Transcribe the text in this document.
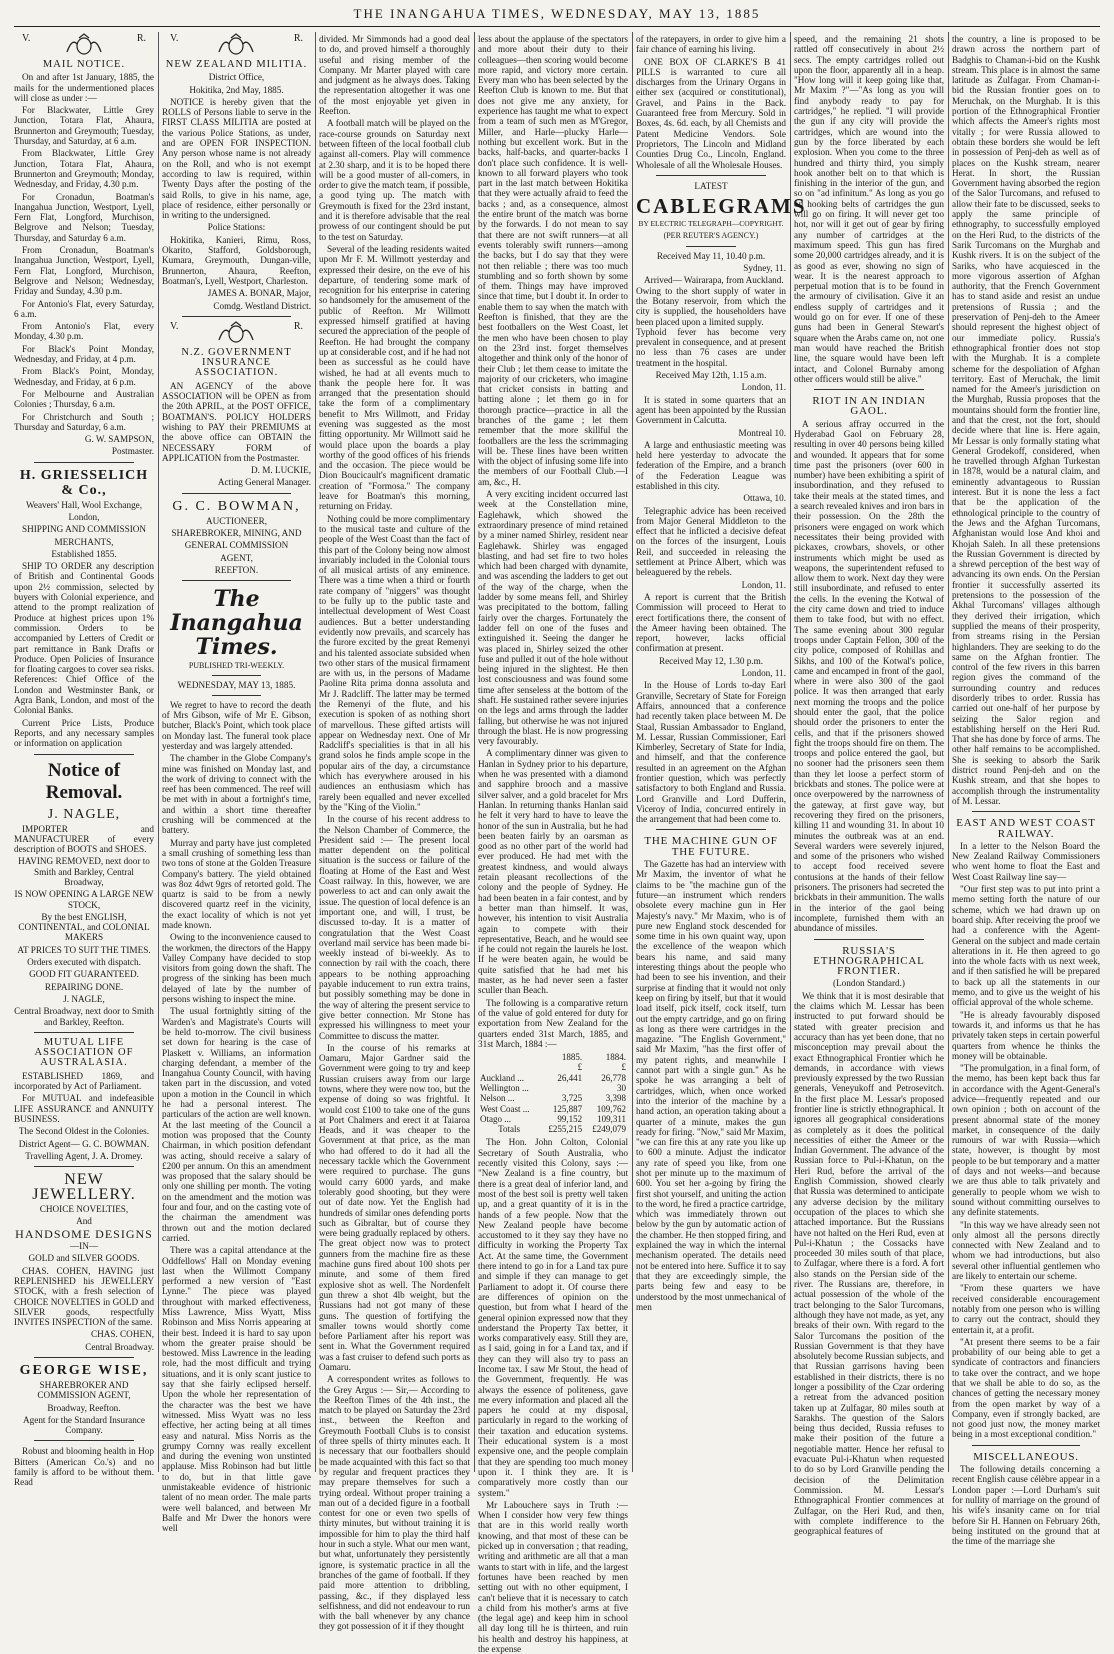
THE INANGAHUA TIMES, WEDNESDAY, MAY 13, 1885
V.	R.
MAIL NOTICE.

On and after 1st January, 1885, the mails for the undermentioned places will close as under :—

For Blackwater, Little Grey Junction, Totara Flat, Ahaura, Brunnerton and Greymouth; Tuesday, Thursday, and Saturday, at 6 a.m.

From Blackwater, Little Grey Junction, Totara Flat, Ahaura, Brunnerton and Greymouth; Monday, Wednesday, and Friday, 4.30 p.m.

For Cronadun, Boatman's Inangahua Junction, Westport, Lyell, Fern Flat, Longford, Murchison, Belgrove and Nelson; Tuesday, Thursday, and Saturday 6 a.m.

From Cronadun, Boatman's Inangahua Junction, Westport, Lyell, Fern Flat, Longford, Murchison, Belgrove and Nelson; Wednesday, Friday and Sunday, 4.30 p.m.

For Antonio's Flat, every Saturday, 6 a.m.

From Antonio's Flat, every Monday, 4.30 p.m.

For Black's Point Monday, Wednesday, and Friday, at 4 p.m.

From Black's Point, Monday, Wednesday, and Friday, at 6 p.m.

For Melbourne and Australian Colonies ; Thursday, 6 a.m.

For Christchurch and South ; Thursday and Saturday, 6 a.m.

G. W. SAMPSON,

Postmaster.

H. GRIESSELICH & Co.,

Weavers' Hall, Wool Exchange,

London,

SHIPPING AND COMMISSION

MERCHANTS,

Established 1855.

SHIP TO ORDER any description of British and Continental Goods upon 2½ commission, selected by buyers with Colonial experience, and attend to the prompt realization of Produce at highest prices upon 1% commission. Orders to be accompanied by Letters of Credit or part remittance in Bank Drafts or Produce. Open Policies of Insurance for floating cargoes to cover sea risks. References: Chief Office of the London and Westminster Bank, or Agra Bank, London, and most of the Colonial Banks.

Current Price Lists, Produce Reports, and any necessary samples or information on application

Notice of Removal.
J. NAGLE,

IMPORTER and MANUFACTURER of every description of BOOTS and SHOES.

HAVING REMOVED, next door to Smith and Barkley, Central Broadway,

IS NOW OPENING A LARGE NEW STOCK,

By the best ENGLISH, CONTINENTAL, and COLONIAL MAKERS

AT PRICES TO SUIT THE TIMES.

Orders executed with dispatch.

GOOD FIT GUARANTEED.

REPAIRING DONE.

J. NAGLE,

Central Broadway, next door to Smith and Barkley, Reefton.

MUTUAL LIFE ASSOCIATION OF AUSTRALASIA.

ESTABLISHED 1869, and incorporated by Act of Parliament.

For MUTUAL and indefeasible LIFE ASSURANCE and ANNUITY BUSINESS.

The Second Oldest in the Colonies.

District Agent— G. C. BOWMAN.

Travelling Agent, J. A. Dromey.

NEW JEWELLERY.

CHOICE NOVELTIES,

And

HANDSOME DESIGNS

—IN—

GOLD and SILVER GOODS.

CHAS. COHEN, HAVING just REPLENISHED his JEWELLERY STOCK, with a fresh selection of CHOICE NOVELTIES in GOLD and SILVER goods, respectfully INVITES INSPECTION of the same.

CHAS. COHEN,

Central Broadway.

GEORGE WISE,

SHAREBROKER AND COMMISSION AGENT,

Broadway, Reefton.

Agent for the Standard Insurance Company.

Robust and blooming health in Hop Bitters (American Co.'s) and no family is afford to be without them. Read

V.	R.
NEW ZEALAND MILITIA.

District Office,

Hokitika, 2nd May, 1885.

NOTICE is hereby given that the ROLLS of Persons liable to serve in the FIRST CLASS MILITIA are posted at the various Police Stations, as under, and are OPEN FOR INSPECTION. Any person whose name is not already on the Roll, and who is not exempt according to law is required, within Twenty Days after the posting of the said Rolls, to give in his name, age, place of residence, either personally or in writing to the undersigned.

Police Stations:

Hokitika, Kanieri, Rimu, Ross, Okarito, Stafford, Goldsborough, Kumara, Greymouth, Dungan-ville, Brunnerton, Ahaura, Reefton, Boatman's, Lyell, Westport, Charleston.

JAMES A. BONAR, Major,

Comdg. Westland District.

V.	R.
N.Z. GOVERNMENT INSURANCE ASSOCIATION.

AN AGENCY of the above ASSOCIATION will be OPEN as from the 20th APRIL, at the POST OFFICE, BOATMAN'S. POLICY HOLDERS wishing to PAY their PREMIUMS at the above office can OBTAIN the NECESSARY FORM of APPLICATION from the Postmaster.

D. M. LUCKIE,

Acting General Manager.

G. C. BOWMAN,

AUCTIONEER,

SHAREBROKER, MINING, AND

GENERAL COMMISSION

AGENT,

REEFTON.

The Inangahua Times.

PUBLISHED TRI-WEEKLY.

WEDNESDAY, MAY 13, 1885.

We regret to have to record the death of Mrs Gibson, wife of Mr E. Gibson, butcher, Black's Point, which took place on Monday last. The funeral took place yesterday and was largely attended.

The chamber in the Globe Company's mine was finished on Monday last, and the work of driving to connect with the reef has been commenced. The reef will be met with in about a fortnight's time, and within a short time thereafter crushing will be commenced at the battery.

Murray and party have just completed a small crushing of something less than two tons of stone at the Golden Treasure Company's battery. The yield obtained was 8oz 4dwt 9grs of retorted gold. The quartz is said to be from a newly discovered quartz reef in the vicinity, the exact locality of which is not yet made known.

Owing to the inconvenience caused to the workmen, the directors of the Happy Valley Company have decided to stop visitors from going down the shaft. The progress of the sinking has been much delayed of late by the number of persons wishing to inspect the mine.

The usual fortnightly sitting of the Warden's and Magistrate's Courts will be held to-morrow. The civil business set down for hearing is the case of Plaskett v. Williams, an information charging defendant, a member of the Inangahua County Council, with having taken part in the discussion, and voted upon a motion in the Council in which he had a personal interest. The particulars of the action are well known. At the last meeting of the Council a motion was proposed that the County Chairman, in which position defendant was acting, should receive a salary of £200 per annum. On this an amendment was proposed that the salary should be only one shilling per month. The voting on the amendment and the motion was four and four, and on the casting vote of the chairman the amendment was thrown out and the motion declared carried.

There was a capital attendance at the Oddfellows' Hall on Monday evening last when the Willmott Company performed a new version of "East Lynne." The piece was played throughout with marked effectiveness, Miss Lawrence, Miss Wyatt, Miss Robinson and Miss Norris appearing at their best. Indeed it is hard to say upon whom the greater praise should be bestowed. Miss Lawrence in the leading role, had the most difficult and trying situations, and it is only scant justice to say that she fairly eclipsed herself. Upon the whole her representation of the character was the best we have witnessed. Miss Wyatt was no less effective, her acting being at all times easy and natural. Miss Norris as the grumpy Cornny was really excellent and during the evening won unstinted applause. Miss Robinson had but little to do, but in that little gave unmistakeable evidence of histrionic talent of no mean order. The male parts were well balanced, and between Mr Balfe and Mr Dwer the honors were well

divided. Mr Simmonds had a good deal to do, and proved himself a thoroughly useful and rising member of the Company. Mr Marter played with care and judgment as he always does. Taking the representation altogether it was one of the most enjoyable yet given in Reefton.

A football match will be played on the race-course grounds on Saturday next between fifteen of the local football club against all-comers. Play will commence at 2.30 sharp, and it is to be hoped there will be a good muster of all-comers, in order to give the match team, if possible, a good tying up. The match with Greymouth is fixed for the 23rd instant, and it is therefore advisable that the real prowess of our contingent should be put to the test on Saturday.

Several of the leading residents waited upon Mr F. M. Willmott yesterday and expressed their desire, on the eve of his departure, of tendering some mark of recognition for his enterprise in catering so handsomely for the amusement of the public of Reefton. Mr Willmott expressed himself gratified at having secured the appreciation of the people of Reefton. He had brought the company up at considerable cost, and if he had not been as successful as he could have wished, he had at all events much to thank the people here for. It was arranged that the presentation should take the form of a complimentary benefit to Mrs Willmott, and Friday evening was suggested as the most fitting opportunity. Mr Willmott said he would place upon the boards a play worthy of the good offices of his friends and the occasion. The piece would be Dion Boucicault's magnificent dramatic creation of "Formosa." The company leave for Boatman's this morning, returning on Friday.

Nothing could be more complimentary to the musical taste and culture of the people of the West Coast than the fact of this part of the Colony being now almost invariably included in the Colonial tours of all musical artists of any eminence. There was a time when a third or fourth rate company of "niggers" was thought to be fully up to the public taste and intellectual development of West Coast audiences. But a better understanding evidently now prevails, and scarcely has the furore excited by the great Remenyi and his talented associate subsided when two other stars of the musical firmament are with us, in the persons of Madame Paoline Rita prima donna assoluta and Mr J. Radcliff. The latter may be termed the Remenyi of the flute, and his execution is spoken of as nothing short of marvellous. These gifted artists will appear on Wednesday next. One of Mr Radcliff's specialities is that in all his grand solos he finds ample scope in the popular airs of the day, a circumstance which has everywhere aroused in his audiences an enthusiasm which has rarely been equalled and never excelled by the "King of the Violin."

In the course of his recent address to the Nelson Chamber of Commerce, the President said :— The present local matter dependent on the political situation is the success or failure of the floating at Home of the East and West Coast railway. In this, however, we are powerless to act and can only await the issue. The question of local defence is an important one, and will, I trust, be discussed to-day. It is a matter of congratulation that the West Coast overland mail service has been made bi-weekly instead of bi-weekly. As to connection by rail with the coach, there appears to be nothing approaching payable inducement to run extra trains, but possibly something may be done in the way of altering the present service to give better connection. Mr Stone has expressed his willingness to meet your Committee to discuss the matter.

In the course of his remarks at Oamaru, Major Gardner said the Government were going to try and keep Russian cruisers away from our large towns, where they were now too, but the expense of doing so was frightful. It would cost £100 to take one of the guns at Port Chalmers and erect it at Taiaroa Heads, and it was cheaper to the Government at that price, as the man who had offered to do it had all the necessary tackle which the Government were required to purchase. The guns would carry 6000 yards, and make tolerably good shooting, but they were out of date now. Yet the English had hundreds of similar ones defending ports such as Gibraltar, but of course they were being gradually replaced by others. The great object now was to protect gunners from the machine fire as these machine guns fired about 100 shots per minute, and some of them fired explosive shot as well. The Nordenfelt gun threw a shot 4lb weight, but the Russians had not got many of these guns. The question of fortifying the smaller towns would shortly come before Parliament after his report was sent in. What the Government required was a fast cruiser to defend such ports as Oamaru.

A correspondent writes as follows to the Grey Argus :— Sir,— According to the Reefton Times of the 4th inst., the match to be played on Saturday the 23rd inst., between the Reefton and Greymouth Football Clubs is to consist of three spells of thirty minutes each. It is necessary that our footballers should be made acquainted with this fact so that by regular and frequent practices they may prepare themselves for such a trying ordeal. Without proper training a man out of a decided figure in a football contest for one or even two spells of thirty minutes, but without training it is impossible for him to play the third half hour in such a style. What our men want, but what, unfortunately they persistently ignore, is systematic practice in all the branches of the game of football. If they paid more attention to dribbling, passing, &c., if they displayed less selfishness, and did not endeavour to run with the ball whenever by any chance they got possession of it if they thought

less about the applause of the spectators and more about their duty to their colleagues—then scoring would become more rapid, and victory more certain. Every man who has been selected by the Reefton Club is known to me. But that does not give me any anxiety, for experience has taught me what to expect from a team of such men as M'Gregor, Miller, and Harle—plucky Harle—nothing but excellent work. But in the backs, half-backs, and quarter-backs I don't place such confidence. It is well-known to all forward players who took part in the last match between Hokitika that they were actually afraid to feed the backs ; and, as a consequence, almost the entire brunt of the match was borne by the forwards. I do not mean to say that there are not swift runners—at all events tolerably swift runners—among the backs, but I do say that they were not then reliable ; there was too much stumbling and so forth shown by some of them. Things may have improved since that time, but I doubt it. In order to enable them to say when the match with Reefton is finished, that they are the best footballers on the West Coast, let the men who have been chosen to play on the 23rd inst. forget themselves altogether and think only of the honor of their Club ; let them cease to imitate the majority of our cricketers, who imagine that cricket consists in batting and batting alone ; let them go in for thorough practice—practice in all the branches of the game ; let them remember that the more skillful the footballers are the less the scrimmaging will be. These lines have been written with the object of infusing some life into the members of our Football Club.—I am, &c., H.

A very exciting incident occurred last week at the Constellation mine, Eaglehawk, which showed the extraordinary presence of mind retained by a miner named Shirley, resident near Eaglehawk. Shirley was engaged blasting, and had set fire to two holes which had been charged with dynamite, and was ascending the ladders to get out of the way of the charge, when the ladder by some means fell, and Shirley was precipitated to the bottom, falling fairly over the charges. Fortunately the ladder fell on one of the fuses and extinguished it. Seeing the danger he was placed in, Shirley seized the other fuse and pulled it out of the hole without being injured in the slightest. He then lost consciousness and was found some time after senseless at the bottom of the shaft. He sustained rather severe injuries on the legs and arms through the ladder falling, but otherwise he was not injured through the blast. He is now progressing very favourably.

A complimentary dinner was given to Hanlan in Sydney prior to his departure, when he was presented with a diamond and sapphire brooch and a massive silver salver, and a gold bracelet for Mrs Hanlan. In returning thanks Hanlan said he felt it very hard to have to leave the honor of the sun in Australia, but he had been beaten fairly by an oarsman as good as no other part of the world had ever produced. He had met with the greatest kindness, and would always retain pleasant recollections of the colony and the people of Sydney. He had been beaten in a fair contest, and by a better man than himself. It was, however, his intention to visit Australia again to compete with their representative, Beach, and he would see if he could not regain the laurels he lost. If he were beaten again, he would be quite satisfied that he had met his master, as he had never seen a faster sculler than Beach.

The following is a comparative return of the value of gold entered for duty for exportation from New Zealand for the quarters ended 31st March, 1885, and 31st March, 1884 :—

	1885.	1884.
	£	£
Auckland ...	26,441	26,778
Wellington ...		30
Nelson ...	3,725	3,398
West Coast ...	125,887	109,762
Otago ...	99,152	109,311
Totals	£255,215	£249,079

The Hon. John Colton, Colonial Secretary of South Australia, who recently visited this Colony, says :— "New Zealand is a fine country, but there is a great deal of inferior land, and most of the best soil is pretty well taken up, and a great quantity of it is in the hands of a few people. Now that the New Zealand people have become accustomed to it they say they have no difficulty in working the Property Tax Act. At the same time, the Government there intend to go in for a Land tax pure and simple if they can manage to get Parliament to adopt it. Of course there are differences of opinion on the question, but from what I heard of the general opinion expressed now that they understand the Property Tax better, it works comparatively easy. Still they are, as I said, going in for a Land tax, and if they can they will also try to pass an Income tax. I saw Mr Stout, the head of the Government, frequently. He was always the essence of politeness, gave me every information and placed all the papers he could at my disposal, particularly in regard to the working of their taxation and education systems. Their educational system is a most expensive one, and the people complain that they are spending too much money upon it. I think they are. It is comparatively more costly than our system."

Mr Labouchere says in Truth :— When I consider how very few things that are in this world really worth knowing, and that most of these can be picked up in conversation ; that reading, writing and arithmetic are all that a man wants to start with in life, and the largest fortunes have been reached by men setting out with no other equipment, I can't believe that it is necessary to catch a child from his mother's arms at five (the legal age) and keep him in school all day long till he is thirteen, and ruin his health and destroy his happiness, at the expense

of the ratepayers, in order to give him a fair chance of earning his living.

ONE BOX OF CLARKE'S B 41 PILLS is warranted to cure all discharges from the Urinary Organs in either sex (acquired or constitutional), Gravel, and Pains in the Back. Guaranteed free from Mercury. Sold in Boxes, 4s. 6d. each, by all Chemists and Patent Medicine Vendors. Sole Proprietors, The Lincoln and Midland Counties Drug Co., Lincoln, England. Wholesale of all the Wholesale Houses.

LATEST

CABLEGRAMS

BY ELECTRIC TELEGRAPH—COPYRIGHT.

(PER REUTER'S AGENCY.)

Received May 11, 10.40 p.m.

Sydney, 11.

Arrived— Wairarapa, from Auckland.
Owing to the short supply of water in the Botany reservoir, from which the city is supplied, the householders have been placed upon a limited supply.
Typhoid fever has become very prevalent in consequence, and at present no less than 76 cases are under treatment in the hospital.

Received May 12th, 1.15 a.m.

London, 11.

It is stated in some quarters that an agent has been appointed by the Russian Government in Calcutta.

Montreal 10.

A large and enthusiastic meeting was held here yesterday to advocate the federation of the Empire, and a branch of the Federation League was established in this city.

Ottawa, 10.

Telegraphic advice has been received from Major General Middleton to the effect that he inflicted a decisive defeat on the forces of the insurgent, Louis Reil, and succeeded in releasing the settlement at Prince Albert, which was beleaguered by the rebels.

London, 11.

A report is current that the British Commission will proceed to Herat to erect fortifications there, the consent of the Ameer having been obtained. The report, however, lacks official confirmation at present.

Received May 12, 1.30 p.m.

London, 11.

In the House of Lords to-day Earl Granville, Secretary of State for Foreign Affairs, announced that a conference had recently taken place between M. De Staal, Russian Ambassador to England, M. Lessar, Russian Commissioner, Earl Kimberley, Secretary of State for India, and himself, and that the conference resulted in an agreement on the Afghan frontier question, which was perfectly satisfactory to both England and Russia. Lord Granville and Lord Dufferin, Viceroy of India, concurred entirely in the arrangement that had been come to.

THE MACHINE GUN OF THE FUTURE.

The Gazette has had an interview with Mr Maxim, the inventor of what he claims to be "the machine gun of the future—an instrument which renders obsolete every machine gun in Her Majesty's navy." Mr Maxim, who is of pure new England stock descended for some time in his own quaint way, upon the excellence of the weapon which bears his name, and said many interesting things about the people who had been to see his invention, and their surprise at finding that it would not only keep on firing by itself, but that it would load itself, pick itself, cock itself, turn out the empty cartridge, and go on firing as long as there were cartridges in the magazine. "The English Government," said Mr Maxim, "has the first offer of my patent rights, and meanwhile I cannot part with a single gun." As he spoke he was arranging a belt of cartridges, which, when once worked into the interior of the machine by a hand action, an operation taking about a quarter of a minute, makes the gun ready for firing. "Now," said Mr Maxim, "we can fire this at any rate you like up to 600 a minute. Adjust the indicator any rate of speed you like, from one shot per minute up to the maximum of 600. You set her a-going by firing the first shot yourself, and uniting the action to the word, he fired a practice cartridge, which was immediately thrown out below by the gun by automatic action of the chamber. He then stopped firing, and explained the way in which the internal mechanism operated. The details need not be entered into here. Suffice it to say that they are exceedingly simple, the parts being few and easy to be understood by the most unmechanical of men

speed, and the remaining 21 shots rattled off consecutively in about 2½ secs. The empty cartridges rolled out upon the floor, apparently all in a heap. "How long will it keep going like that, Mr Maxim ?"—"As long as you will find anybody ready to pay for cartridges," he replied. "I will provide the gun if any city will provide the cartridges, which are wound into the gun by the force liberated by each explosion. When you come to the three hundred and thirty third, you simply hook another belt on to that which is finishing in the interior of the gun, and so on "ad infinitum." As long as you go on hooking belts of cartridges the gun will go on firing. It will never get too hot, nor will it get out of gear by firing any number of cartridges at the maximum speed. This gun has fired some 20,000 cartridges already, and it is as good as ever, showing no sign of wear. It is the nearest approach to perpetual motion that is to be found in the armoury of civilisation. Give it an endless supply of cartridges and it would go on for ever. If one of these guns had been in General Stewart's square when the Arabs came on, not one man would have reached the British line, the square would have been left intact, and Colonel Burnaby among other officers would still be alive."

RIOT IN AN INDIAN GAOL.

A serious affray occurred in the Hyderabad Gaol on February 28, resulting in over 40 persons being killed and wounded. It appears that for some time past the prisoners (over 600 in number) have been exhibiting a spirit of insubordination, and they refused to take their meals at the stated times, and a search revealed knives and iron bars in their possession. On the 28th the prisoners were engaged on work which necessitates their being provided with pickaxes, crowbars, shovels, or other instruments which might be used as weapons, the superintendent refused to allow them to work. Next day they were still insubordinate, and refused to enter the cells. In the evening the Kotwal of the city came down and tried to induce them to take food, but with no effect. The same evening about 300 regular troops under Captain Fellon, 300 of the city police, composed of Rohillas and Sikhs, and 100 of the Kotwal's police, came and encamped in front of the gaol, where in were also 300 of the gaol police. It was then arranged that early next morning the troops and the police should enter the gaol, that the police should order the prisoners to enter the cells, and that if the prisoners showed fight the troops should fire on them. The troops and police entered the gaol, but no sooner had the prisoners seen them than they let loose a perfect storm of brickbats and stones. The police were at once overpowered by the narrowness of the gateway, at first gave way, but recovering they fired on the prisoners, killing 11 and wounding 31. In about 10 minutes the outbreak was at an end. Several warders were severely injured, and some of the prisoners who wished to accept food received severe contusions at the hands of their fellow prisoners. The prisoners had secreted the brickbats in their ammunition. The walls in the interior of the gaol being incomplete, furnished them with an abundance of missiles.

RUSSIA'S ETHNOGRAPHICAL FRONTIER.

(London Standard.)

We think that it is most desirable that the claims which M. Lessar has been instructed to put forward should be stated with greater precision and accuracy than has yet been done, that no misconception may prevail about the exact Ethnographical Frontier which he demands, in accordance with views previously expressed by the two Russian generals, Veneyukoff and Petrosevitch. In the first place M. Lessar's proposed frontier line is strictly ethnographical. It ignores all geographical considerations as completely as it does the political necessities of either the Ameer or the Indian Government. The advance of the Russian force to Pul-i-Khatun, on the Heri Rud, before the arrival of the English Commission, showed clearly that Russia was determined to anticipate any adverse decision by the military occupation of the places to which she attached importance. But the Russians have not halted on the Heri Rud, even at Pul-i-Khatun ; the Cossacks have proceeded 30 miles south of that place, to Zulfagar, where there is a ford. A fort also stands on the Persian side of the river. The Russians are, therefore, in actual possession of the whole of the tract belonging to the Salor Turcomans, although they have not made, as yet, any breaks of their own. With regard to the Salor Turcomans the position of the Russian Government is that they have absolutely become Russian subjects, and that Russian garrisons having been established in their districts, there is no longer a possibility of the Czar ordering a retreat from the advanced position taken up at Zulfagar, 80 miles south at Sarakhs. The question of the Salors being thus decided, Russia refuses to make their position of the future a negotiable matter. Hence her refusal to evacuate Pul-i-Khatun when requested to do so by Lord Granville pending the decision of the Delimitation Commission. M. Lessar's Ethnographical Frontier commences at Zulfagar, on the Heri Rud, and then, with complete indifference to the geographical features of

the country, a line is proposed to be drawn across the northern part of Badghis to Chaman-i-bid on the Kushk stream. This place is in almost the same latitude as Zulfagar. From Chaman-i-bid the Russian frontier goes on to Meruchak, on the Murghab. It is this portion of the Ethnographical Frontier which affects the Ameer's rights most vitally ; for were Russia allowed to obtain these borders she would be left in possession of Penj-deh as well as of places on the Kushk stream, nearer Herat. In short, the Russian Government having absorbed the region of the Salor Turcomans, and refused to allow their fate to be discussed, seeks to apply the same principle of ethnography, to successfully employed on the Heri Rud, to the districts of the Sarik Turcomans on the Murghab and Kushk rivers. It is on the subject of the Sariks, who have acquiesced in the more vigorous assertion of Afghan authority, that the French Government has to stand aside and resist an undue pretensions of Russia ; and the preservation of Penj-deh to the Ameer should represent the highest object of our immediate policy. Russia's ethnographical frontier does not stop with the Murghab. It is a complete scheme for the despoliation of Afghan territory. East of Meruchak, the limit named for the Ameer's jurisdiction on the Murghab, Russia proposes that the mountains should form the frontier line, and that the crest, not the fort, should decide where that line is. Here again, Mr Lessar is only formally stating what General Grodekoff, considered, when he travelled through Afghan Turkestan in 1878, would be a natural claim, and eminently advantageous to Russian interest. But it is none the less a fact that be the application of the ethnological principle to the country of the Jews and the Afghan Turcomans, Afghanistan would lose And khoi and Khojah Saleh. In all these pretensions the Russian Government is directed by a shrewd perception of the best way of advancing its own ends. On the Persian frontier it successfully asserted its pretensions to the possession of the Akhal Turcomans' villages although they derived their irrigation, which supplied the means of their prosperity, from streams rising in the Persian highlanders. They are seeking to do the same on the Afghan frontier. The control of the few rivers in this barren region gives the command of the surrounding country and reduces disorderly tribes to order. Russia has carried out one-half of her purpose by seizing the Salor region and establishing herself on the Heri Rud. That she has done by force of arms. The other half remains to be accomplished. She is seeking to absorb the Sarik district round Penj-deh and on the Kushk stream, and that she hopes to accomplish through the instrumentality of M. Lessar.

EAST AND WEST COAST RAILWAY.

In a letter to the Nelson Board the New Zealand Railway Commissioners who went home to float the East and West Coast Railway line say—

"Our first step was to put into print a memo setting forth the nature of our scheme, which we had drawn up on board ship. After receiving the proof we had a conference with the Agent-General on the subject and made certain alterations in it. He then agreed to go into the whole facts with us next week, and if then satisfied he will be prepared to back up all the statements in our memo, and to give us the weight of his official approval of the whole scheme.

"He is already favourably disposed towards it, and informs us that he has privately taken steps in certain powerful quarters from whence he thinks the money will be obtainable.

"The promulgation, in a final form, of the memo, has been kept back thus far in accordance with the Agent-General's advice—frequently repeated and our own opinion ; both on account of the present abnormal state of the money market, in consequence of the daily rumours of war with Russia—which state, however, is thought by most people to be but temporary and a matter of days and not weeks—and because we are thus able to talk privately and generally to people whom we wish to sound without committing ourselves to any definite statements.

"In this way we have already seen not only almost all the persons directly connected with New Zealand and to whom we had introductions, but also several other influential gentlemen who are likely to entertain our scheme.

"From these quarters we have received considerable encouragement notably from one person who is willing to carry out the contract, should they entertain it, at a profit.

"At present there seems to be a fair probability of our being able to get a syndicate of contractors and financiers to take over the contract, and we hope that we shall be able to do so, as the chances of getting the necessary money from the open market by way of a Company, even if strongly backed, are not good just now, the money market being in a most exceptional condition."

MISCELLANEOUS.

The following details concerning a recent English cause célèbre appear in a London paper :—Lord Durham's suit for nullity of marriage on the ground of his wife's insanity came on for trial before Sir H. Hannen on February 26th, being instituted on the ground that at the time of the marriage she
